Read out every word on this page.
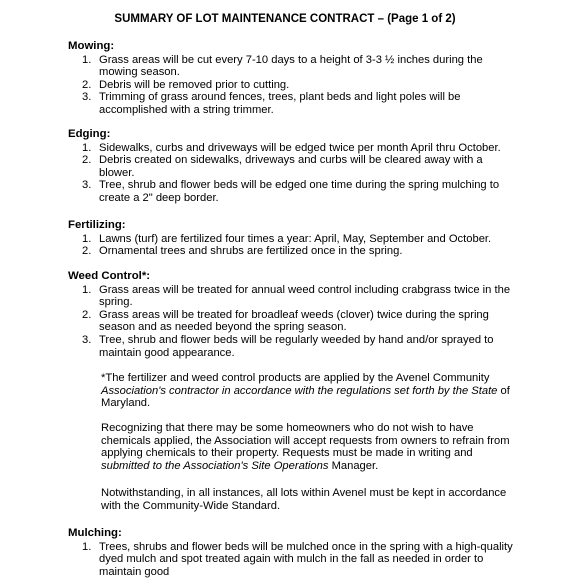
SUMMARY OF LOT MAINTENANCE CONTRACT – (Page 1 of 2)
Mowing:
1. Grass areas will be cut every 7-10 days to a height of 3-3 ½ inches during the mowing season.
2. Debris will be removed prior to cutting.
3. Trimming of grass around fences, trees, plant beds and light poles will be accomplished with a string trimmer.
Edging:
1. Sidewalks, curbs and driveways will be edged twice per month April thru October.
2. Debris created on sidewalks, driveways and curbs will be cleared away with a blower.
3. Tree, shrub and flower beds will be edged one time during the spring mulching to create a 2" deep border.
Fertilizing:
1. Lawns (turf) are fertilized four times a year: April, May, September and October.
2. Ornamental trees and shrubs are fertilized once in the spring.
Weed Control*:
1. Grass areas will be treated for annual weed control including crabgrass twice in the spring.
2. Grass areas will be treated for broadleaf weeds (clover) twice during the spring season and as needed beyond the spring season.
3. Tree, shrub and flower beds will be regularly weeded by hand and/or sprayed to maintain good appearance.

*The fertilizer and weed control products are applied by the Avenel Community Association's contractor in accordance with the regulations set forth by the State of Maryland.

Recognizing that there may be some homeowners who do not wish to have chemicals applied, the Association will accept requests from owners to refrain from applying chemicals to their property. Requests must be made in writing and submitted to the Association's Site Operations Manager.

Notwithstanding, in all instances, all lots within Avenel must be kept in accordance with the Community-Wide Standard.

Mulching:
1. Trees, shrubs and flower beds will be mulched once in the spring with a high-quality dyed mulch and spot treated again with mulch in the fall as needed in order to maintain good
